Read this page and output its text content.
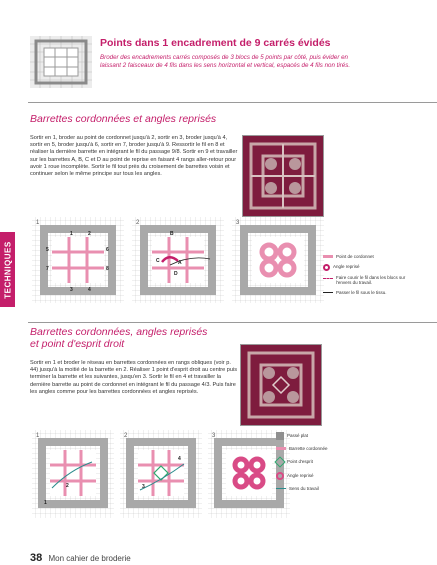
TECHNIQUES
Points dans 1 encadrement de 9 carrés évidés
Broder des encadrements carrés composés de 3 blocs de 5 points par côté, puis évider en laissant 2 faisceaux de 4 fils dans les sens horizontal et vertical, espacés de 4 fils non tirés.
Barrettes cordonnées et angles reprisés
Sortir en 1, broder au point de cordonnet jusqu'à 2, sortir en 3, broder jusqu'à 4, sortir en 5, broder jusqu'à 6, sortir en 7, broder jusqu'à 9. Ressortir le fil en 8 et réaliser la dernière barrette en intégrant le fil du passage 9/8. Sortir en 9 et travailler sur les barrettes A, B, C et D au point de reprise en faisant 4 rangs aller-retour pour avoir 1 roue incomplète. Sortir le fil tout près du croisement de barrettes voisin et continuer selon le même principe sur tous les angles.
1
1	2
5	6
7	8
3	4
2
B
C
D
A
3
Point de cordonnet
Angle reprisé
Faire courir le fil dans les blocs sur l'envers du travail.
Passer le fil sous le tissu.
Barrettes cordonnées, angles reprisés
et point d'esprit droit
Sortir en 1 et broder le réseau en barrettes cordonnées en rangs obliques (voir p. 44) jusqu'à la moitié de la barrette en 2. Réaliser 1 point d'esprit droit au centre puis terminer la barrette et les suivantes, jusqu'en 3. Sortir le fil en 4 et travailler la dernière barrette au point de cordonnet en intégrant le fil du passage 4/3. Puis faire les angles comme pour les barrettes cordonnées et angles reprisés.
1
1
2
2
3
4
3	Passé plat
Barrette cordonnée
Point d'esprit
Angle reprisé
Sens du travail
38 Mon cahier de broderie
